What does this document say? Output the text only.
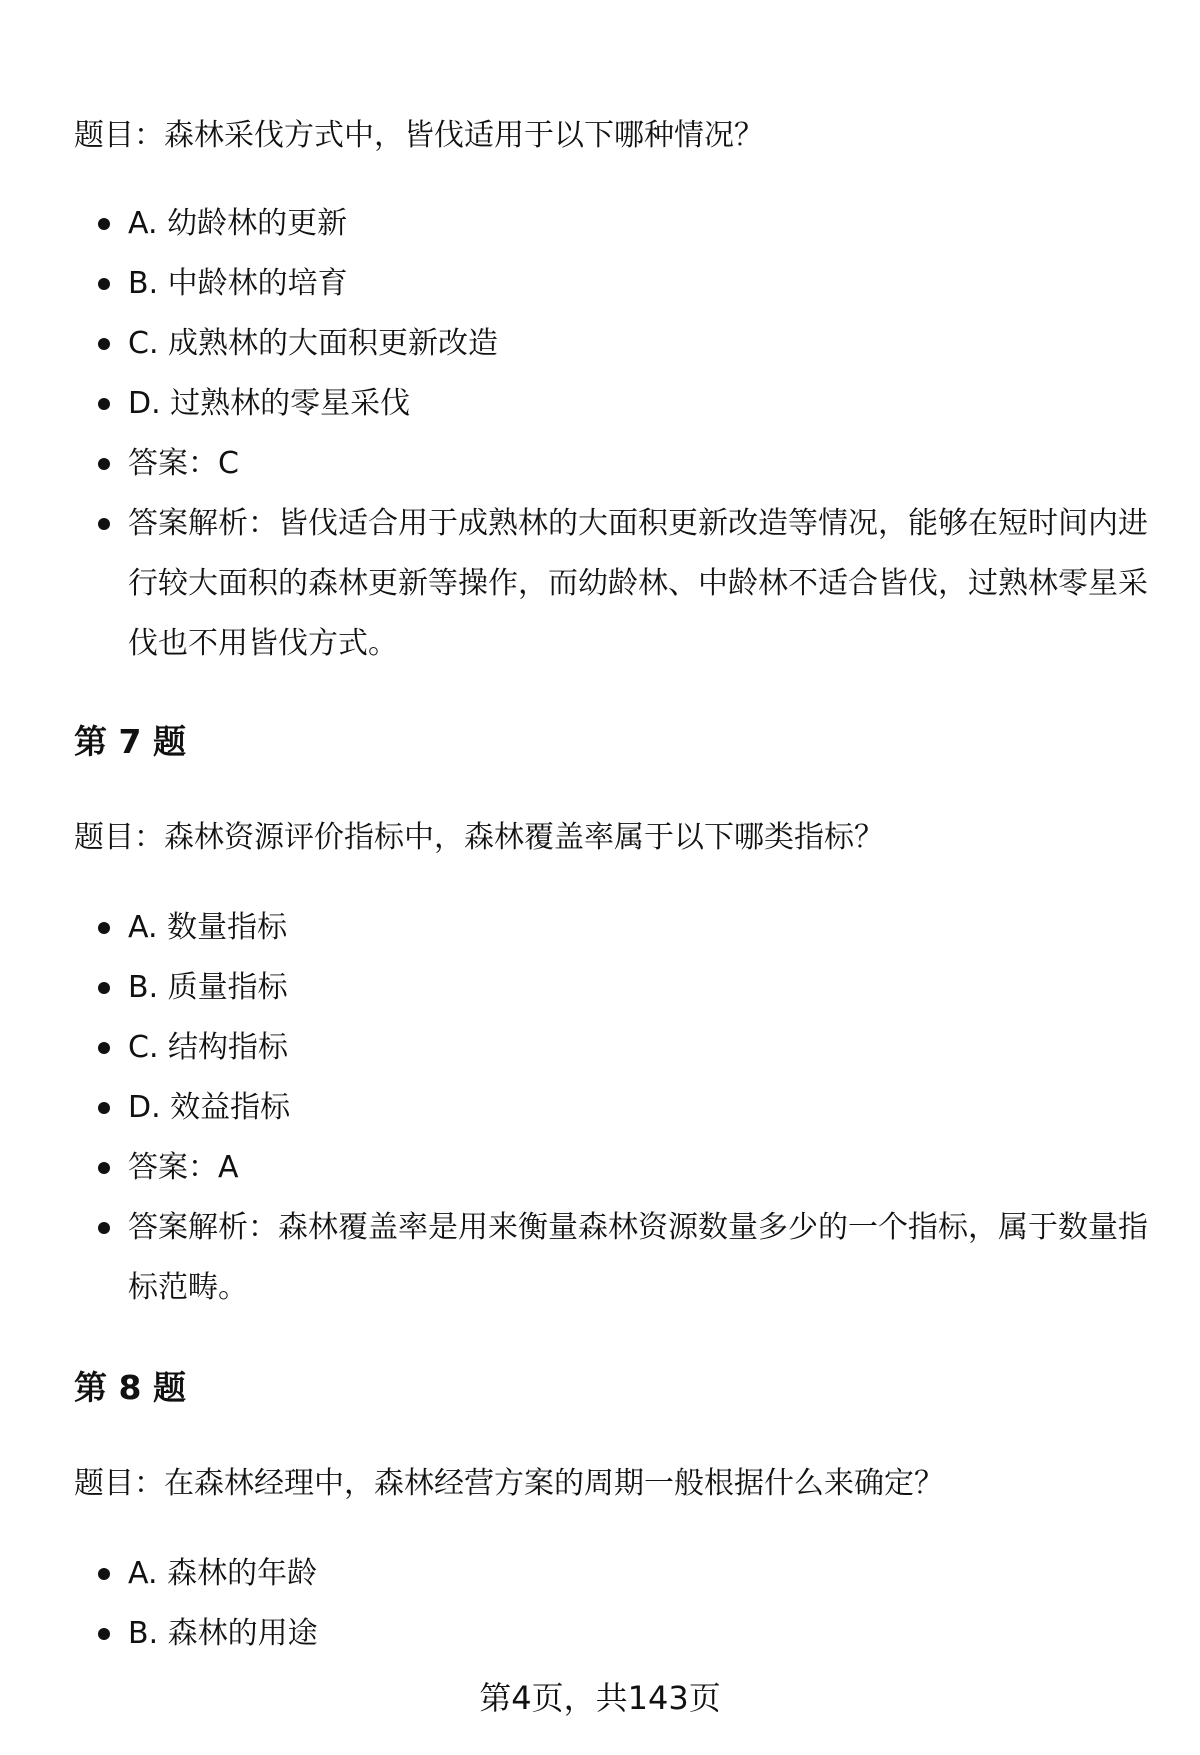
题目：森林采伐方式中，皆伐适用于以下哪种情况？
A. 幼龄林的更新
B. 中龄林的培育
C. 成熟林的大面积更新改造
D. 过熟林的零星采伐
答案：C
答案解析：皆伐适合用于成熟林的大面积更新改造等情况，能够在短时间内进行较大面积的森林更新等操作，而幼龄林、中龄林不适合皆伐，过熟林零星采伐也不用皆伐方式。
第 7 题
题目：森林资源评价指标中，森林覆盖率属于以下哪类指标？
A. 数量指标
B. 质量指标
C. 结构指标
D. 效益指标
答案：A
答案解析：森林覆盖率是用来衡量森林资源数量多少的一个指标，属于数量指标范畴。
第 8 题
题目：在森林经理中，森林经营方案的周期一般根据什么来确定？
A. 森林的年龄
B. 森林的用途
第4页，共143页
